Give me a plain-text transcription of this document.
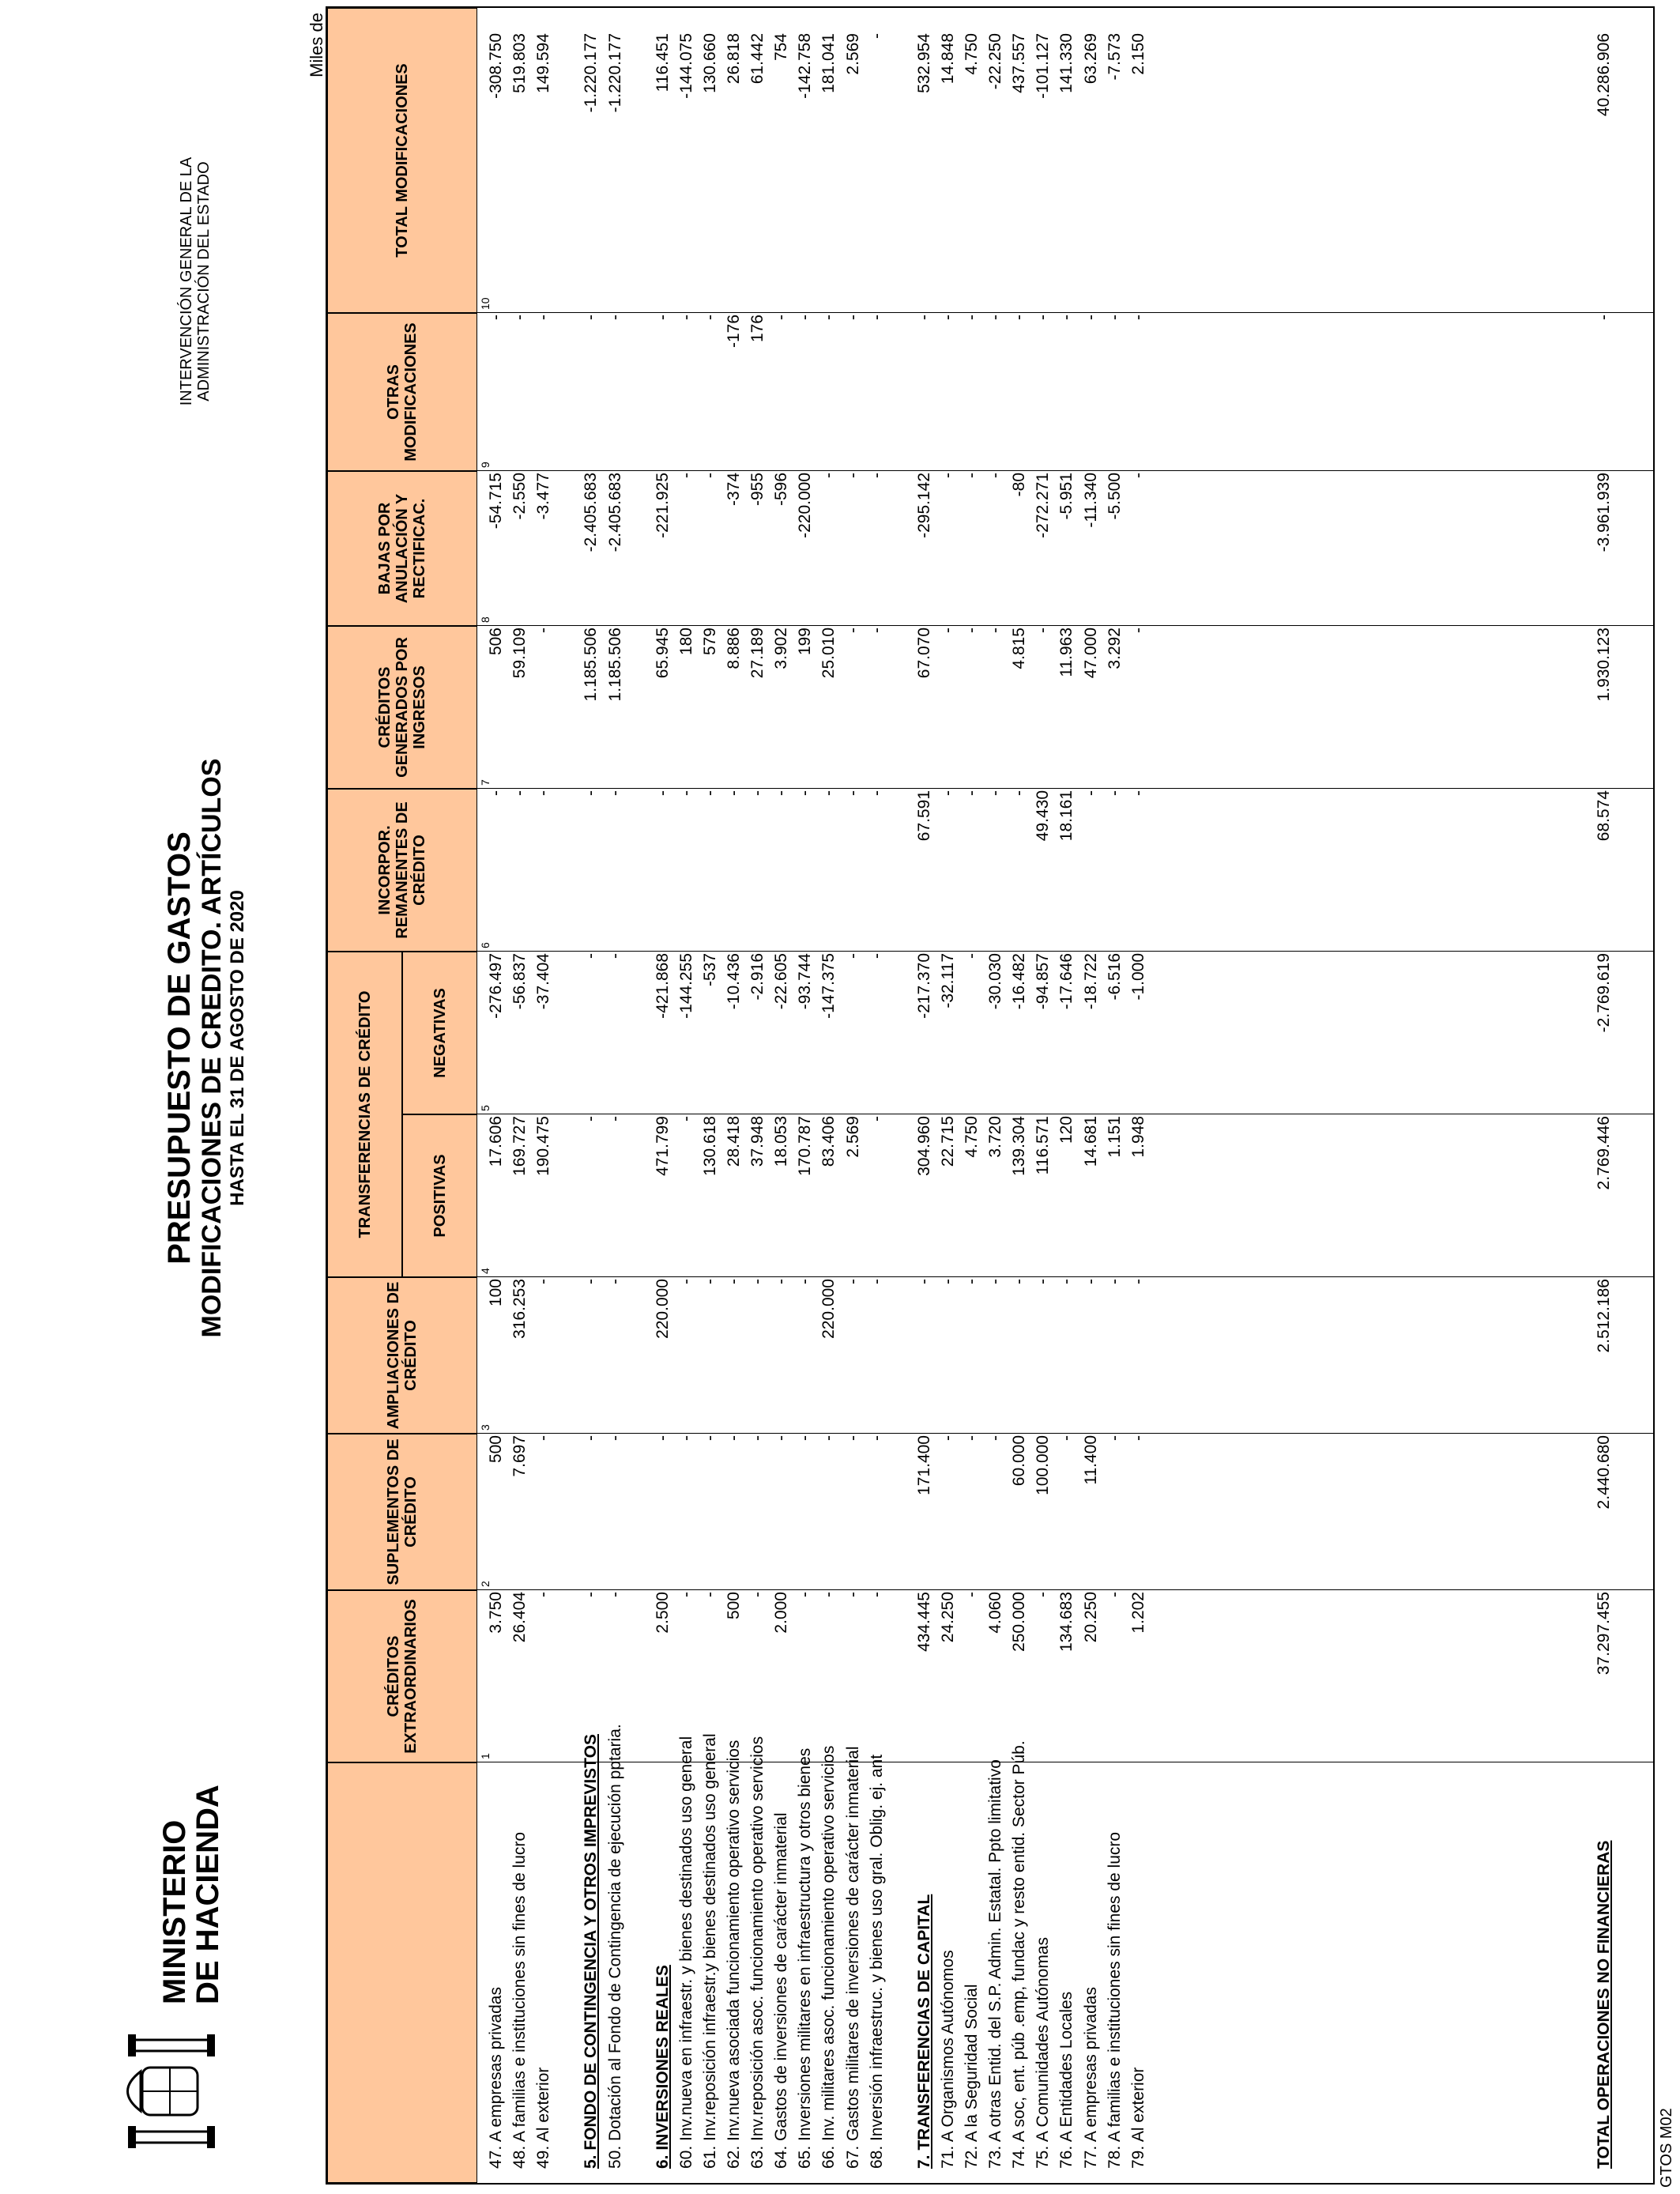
MINISTERIO
DE HACIENDA
PRESUPUESTO DE GASTOS MODIFICACIONES DE CREDITO. ARTÍCULOS HASTA EL 31 DE AGOSTO DE 2020
INTERVENCIÓN GENERAL DE LA ADMINISTRACIÓN DEL ESTADO
Miles de
CRÉDITOS EXTRAORDINARIOS
SUPLEMENTOS DE CRÉDITO
AMPLIACIONES DE CRÉDITO
TRANSFERENCIAS DE CRÉDITO	POSITIVAS
NEGATIVAS
INCORPOR. REMANENTES DE CRÉDITO
CRÉDITOS GENERADOS POR INGRESOS
BAJAS POR ANULACIÓN Y RECTIFICAC.
OTRAS MODIFICACIONES
TOTAL MODIFICACIONES
1
2
3
4
5
6
7
8
9
10
47. A empresas privadas
3.750
500
100
17.606
-276.497
-
506
-54.715
-
-308.750
48. A familias e instituciones sin fines de lucro
26.404
7.697
316.253
169.727
-56.837
-
59.109
-2.550
-
519.803
49. Al exterior
-
-
-
190.475
-37.404
-
-
-3.477
-
149.594
5. FONDO DE CONTINGENCIA Y OTROS IMPREVISTOS
-
-
-
-
-
-
1.185.506
-2.405.683
-
-1.220.177
50. Dotación al Fondo de Contingencia de ejecución pptaria.
-
-
-
-
-
-
1.185.506
-2.405.683
-
-1.220.177
6. INVERSIONES REALES
2.500
-
220.000
471.799
-421.868
-
65.945
-221.925
-
116.451
60. Inv.nueva en infraestr. y bienes destinados uso general
-
-
-
-
-144.255
-
180
-
-
-144.075
61. Inv.reposición infraestr.y bienes destinados uso general
-
-
-
130.618
-537
-
579
-
-
130.660
62. Inv.nueva asociada funcionamiento operativo servicios
500
-
-
28.418
-10.436
-
8.886
-374
-176
26.818
63. Inv.reposición asoc. funcionamiento operativo servicios
-
-
-
37.948
-2.916
-
27.189
-955
176
61.442
64. Gastos de inversiones de carácter inmaterial
2.000
-
-
18.053
-22.605
-
3.902
-596
-
754
65. Inversiones militares en infraestructura y otros bienes
-
-
-
170.787
-93.744
-
199
-220.000
-
-142.758
66. Inv. militares asoc. funcionamiento operativo servicios
-
-
220.000
83.406
-147.375
-
25.010
-
-
181.041
67. Gastos militares de inversiones de carácter inmaterial
-
-
-
2.569
-
-
-
-
-
2.569
68. Inversión infraestruc. y bienes uso gral. Oblig. ej. ant
-
-
-
-
-
-
-
-
-
-
7. TRANSFERENCIAS DE CAPITAL
434.445
171.400
-
304.960
-217.370
67.591
67.070
-295.142
-
532.954
71. A Organismos Autónomos
24.250
-
-
22.715
-32.117
-
-
-
-
14.848
72. A la Seguridad Social
-
-
-
4.750
-
-
-
-
-
4.750
73. A otras Entid. del S.P. Admin. Estatal. Ppto limitativo
4.060
-
-
3.720
-30.030
-
-
-
-
-22.250
74. A soc, ent. púb .emp, fundac y resto entid. Sector Púb.
250.000
60.000
-
139.304
-16.482
-
4.815
-80
-
437.557
75. A Comunidades Autónomas
-
100.000
-
116.571
-94.857
49.430
-
-272.271
-
-101.127
76. A Entidades Locales
134.683
-
-
120
-17.646
18.161
11.963
-5.951
-
141.330
77. A empresas privadas
20.250
11.400
-
14.681
-18.722
-
47.000
-11.340
-
63.269
78. A familias e instituciones sin fines de lucro
-
-
-
1.151
-6.516
-
3.292
-5.500
-
-7.573
79. Al exterior
1.202
-
-
1.948
-1.000
-
-
-
-
2.150
TOTAL OPERACIONES NO FINANCIERAS
37.297.455
2.440.680
2.512.186
2.769.446
-2.769.619
68.574
1.930.123
-3.961.939
-
40.286.906
GTOS M02
